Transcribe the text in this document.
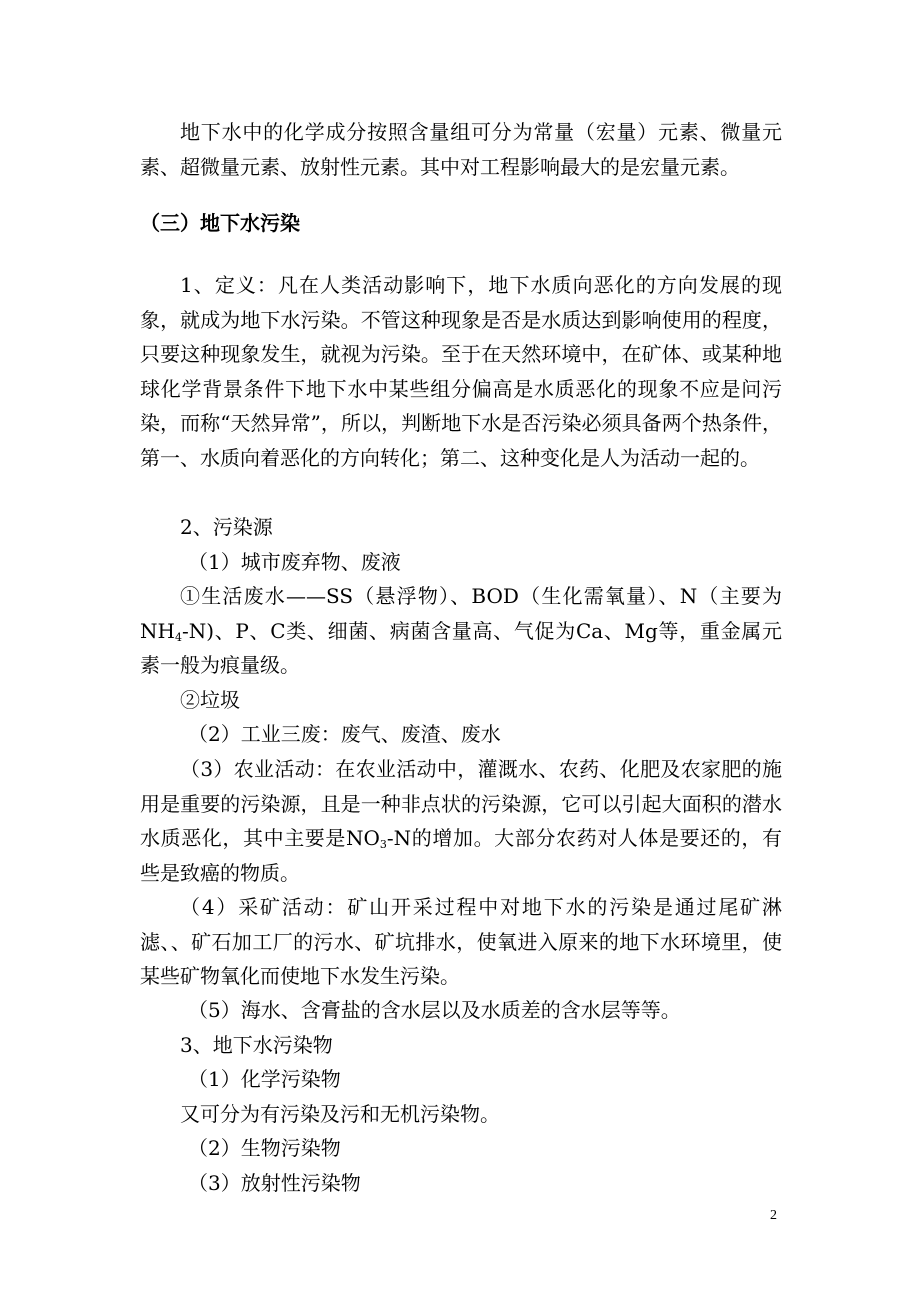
地下水中的化学成分按照含量组可分为常量（宏量）元素、微量元素、超微量元素、放射性元素。其中对工程影响最大的是宏量元素。

（三）地下水污染

1、定义：凡在人类活动影响下，地下水质向恶化的方向发展的现象，就成为地下水污染。不管这种现象是否是水质达到影响使用的程度，只要这种现象发生，就视为污染。至于在天然环境中，在矿体、或某种地球化学背景条件下地下水中某些组分偏高是水质恶化的现象不应是问污染，而称“天然异常”，所以，判断地下水是否污染必须具备两个热条件，第一、水质向着恶化的方向转化；第二、这种变化是人为活动一起的。

2、污染源

（1）城市废弃物、废液

①生活废水——SS（悬浮物）、BOD（生化需氧量）、N（主要为$NH_4-N$)、P、C类、细菌、病菌含量高、气促为Ca、Mg等，重金属元素一般为痕量级。

②垃圾

（2）工业三废：废气、废渣、废水

（3）农业活动：在农业活动中，灌溉水、农药、化肥及农家肥的施用是重要的污染源，且是一种非点状的污染源，它可以引起大面积的潜水水质恶化，其中主要是$NO_3-N$的增加。大部分农药对人体是要还的，有些是致癌的物质。

（4）采矿活动：矿山开采过程中对地下水的污染是通过尾矿淋滤、、矿石加工厂的污水、矿坑排水，使氧进入原来的地下水环境里，使某些矿物氧化而使地下水发生污染。

（5）海水、含膏盐的含水层以及水质差的含水层等等。

3、地下水污染物

（1）化学污染物

又可分为有污染及污和无机污染物。

（2）生物污染物

（3）放射性污染物

2
